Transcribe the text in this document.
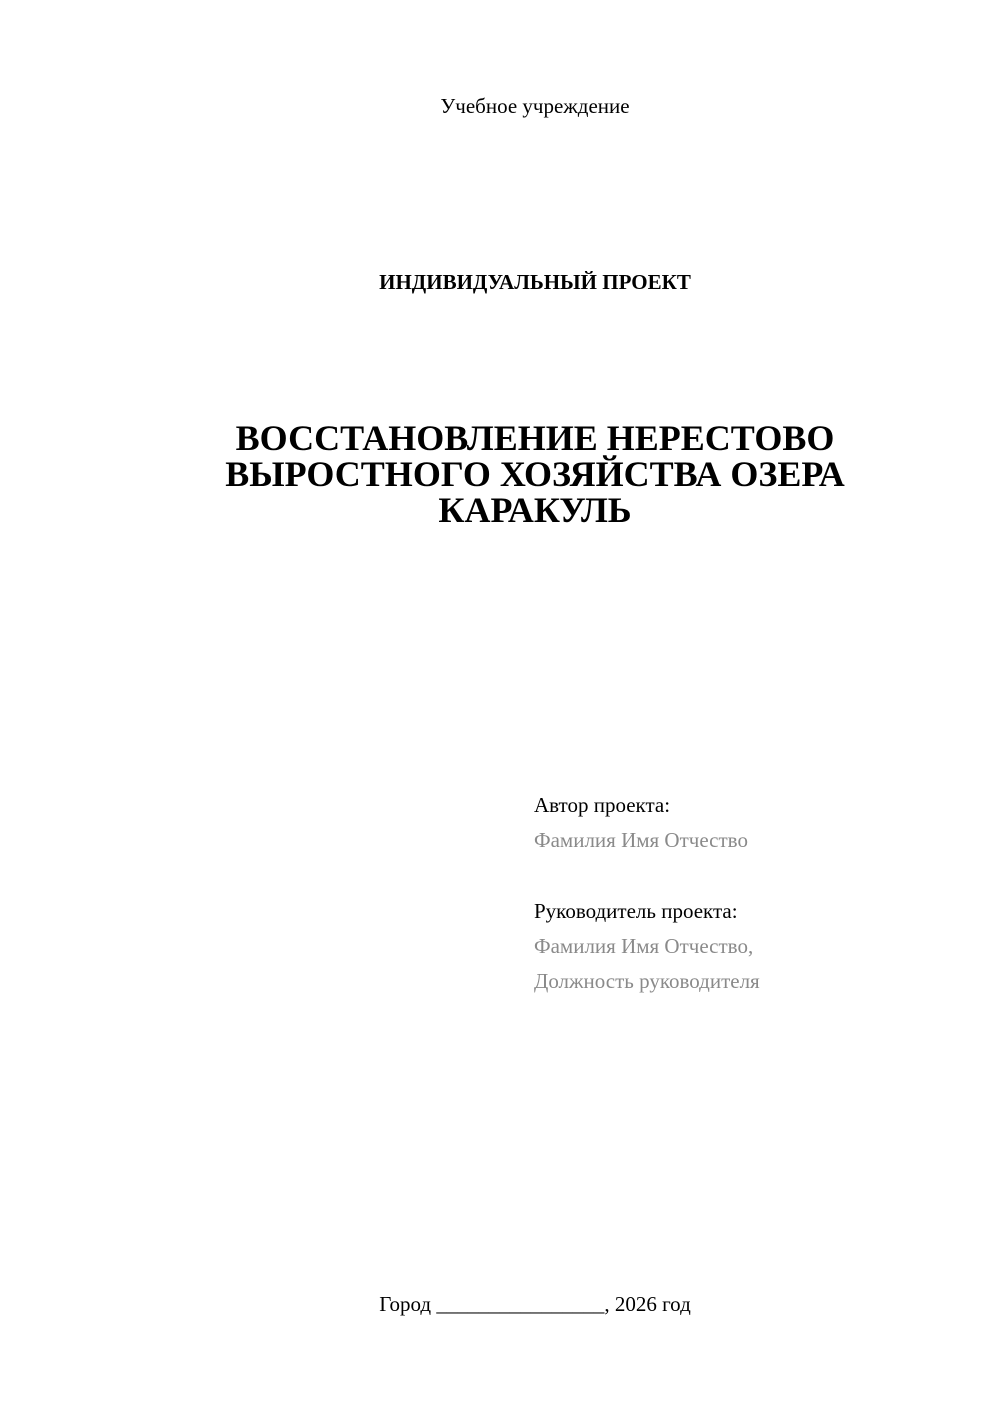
Учебное учреждение
ИНДИВИДУАЛЬНЫЙ ПРОЕКТ
ВОССТАНОВЛЕНИЕ НЕРЕСТОВО
ВЫРОСТНОГО ХОЗЯЙСТВА ОЗЕРА
КАРАКУЛЬ
Автор проекта:
Фамилия Имя Отчество
Руководитель проекта:
Фамилия Имя Отчество,
Должность руководителя
Город ________________, 2026 год
